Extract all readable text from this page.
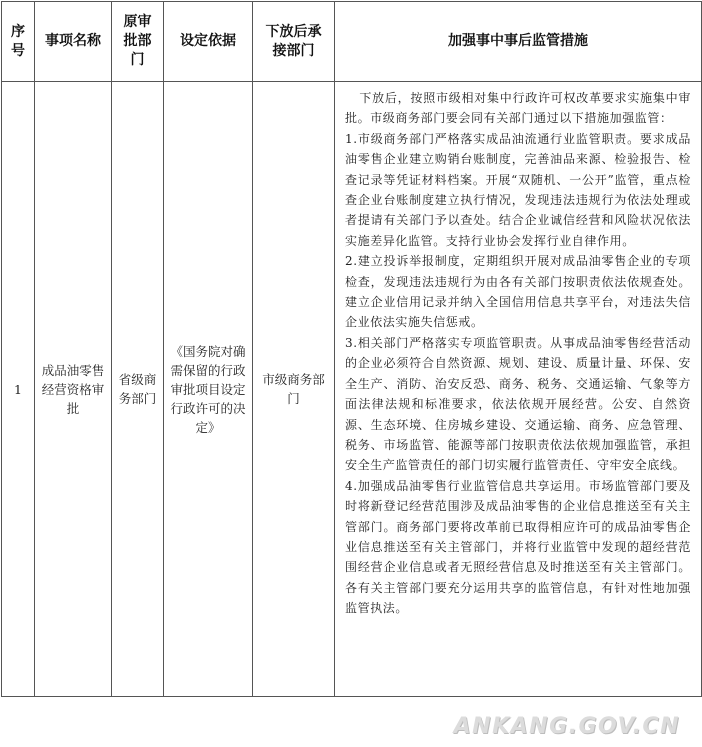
序号	事项名称	原审批部门	设定依据	下放后承接部门	加强事中事后监管措施

1	成品油零售经营资格审批	省级商务部门	《国务院对确需保留的行政审批项目设定行政许可的决定》	市级商务部门	下放后，按照市级相对集中行政许可权改革要求实施集中审批。市级商务部门要会同有关部门通过以下措施加强监管：

1.市级商务部门严格落实成品油流通行业监管职责。要求成品油零售企业建立购销台账制度，完善油品来源、检验报告、检查记录等凭证材料档案。开展“双随机、一公开”监管，重点检查企业台账制度建立执行情况，发现违法违规行为依法处理或者提请有关部门予以查处。结合企业诚信经营和风险状况依法实施差异化监管。支持行业协会发挥行业自律作用。

2.建立投诉举报制度，定期组织开展对成品油零售企业的专项检查，发现违法违规行为由各有关部门按职责依法依规查处。建立企业信用记录并纳入全国信用信息共享平台，对违法失信企业依法实施失信惩戒。

3.相关部门严格落实专项监管职责。从事成品油零售经营活动的企业必须符合自然资源、规划、建设、质量计量、环保、安全生产、消防、治安反恐、商务、税务、交通运输、气象等方面法律法规和标准要求，依法依规开展经营。公安、自然资源、生态环境、住房城乡建设、交通运输、商务、应急管理、税务、市场监管、能源等部门按职责依法依规加强监管，承担安全生产监管责任的部门切实履行监管责任、守牢安全底线。

4.加强成品油零售行业监管信息共享运用。市场监管部门要及时将新登记经营范围涉及成品油零售的企业信息推送至有关主管部门。商务部门要将改革前已取得相应许可的成品油零售企业信息推送至有关主管部门，并将行业监管中发现的超经营范围经营企业信息或者无照经营信息及时推送至有关主管部门。各有关主管部门要充分运用共享的监管信息，有针对性地加强监管执法。

ANKANG.GOV.CN
